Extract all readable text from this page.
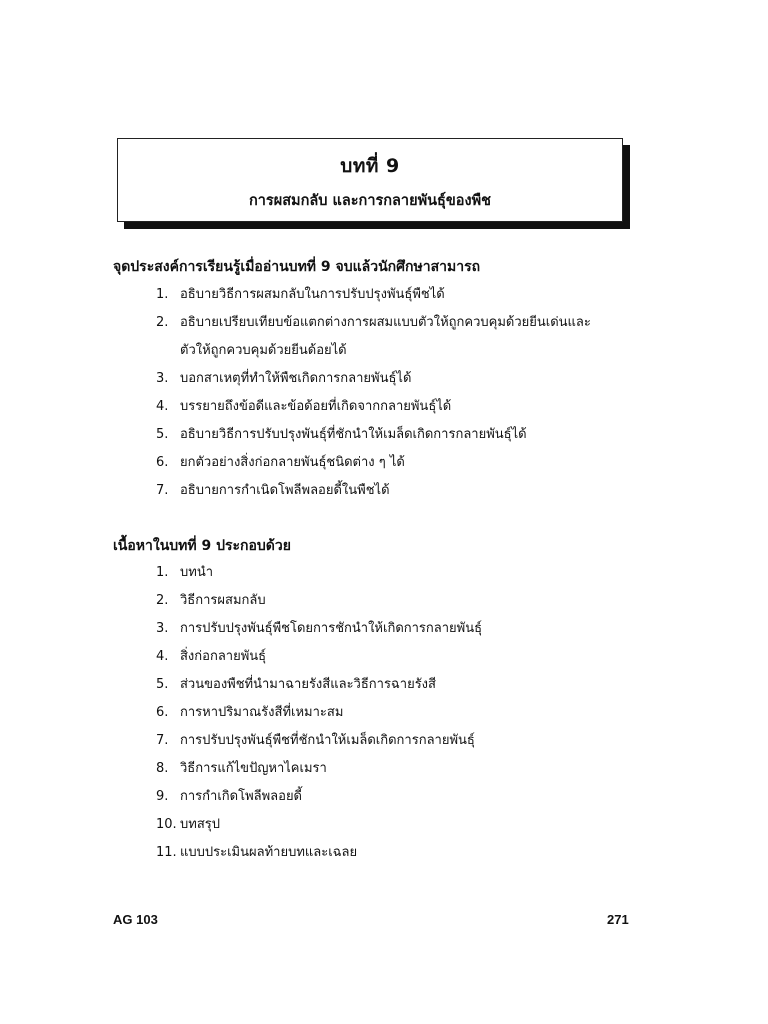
บทที่ 9
การผสมกลับ และการกลายพันธุ์ของพืช
จุดประสงค์การเรียนรู้เมื่ออ่านบทที่ 9 จบแล้วนักศึกษาสามารถ
1. อธิบายวิธีการผสมกลับในการปรับปรุงพันธุ์พืชได้
2. อธิบายเปรียบเทียบข้อแตกต่างการผสมแบบตัวให้ถูกควบคุมด้วยยีนเด่นและ
ตัวให้ถูกควบคุมด้วยยีนด้อยได้
3. บอกสาเหตุที่ทำให้พืชเกิดการกลายพันธุ์ได้
4. บรรยายถึงข้อดีและข้อด้อยที่เกิดจากกลายพันธุ์ได้
5. อธิบายวิธีการปรับปรุงพันธุ์ที่ชักนำให้เมล็ดเกิดการกลายพันธุ์ได้
6. ยกตัวอย่างสิ่งก่อกลายพันธุ์ชนิดต่าง ๆ ได้
7. อธิบายการกำเนิดโพลีพลอยดี้ในพืชได้
เนื้อหาในบทที่ 9 ประกอบด้วย
1. บทนำ
2. วิธีการผสมกลับ
3. การปรับปรุงพันธุ์พืชโดยการชักนำให้เกิดการกลายพันธุ์
4. สิ่งก่อกลายพันธุ์
5. ส่วนของพืชที่นำมาฉายรังสีและวิธีการฉายรังสี
6. การหาปริมาณรังสีที่เหมาะสม
7. การปรับปรุงพันธุ์พืชที่ชักนำให้เมล็ดเกิดการกลายพันธุ์
8. วิธีการแก้ไขปัญหาไคเมรา
9. การกำเกิดโพลีพลอยดี้
10. บทสรุป
11. แบบประเมินผลท้ายบทและเฉลย
AG 103	271
